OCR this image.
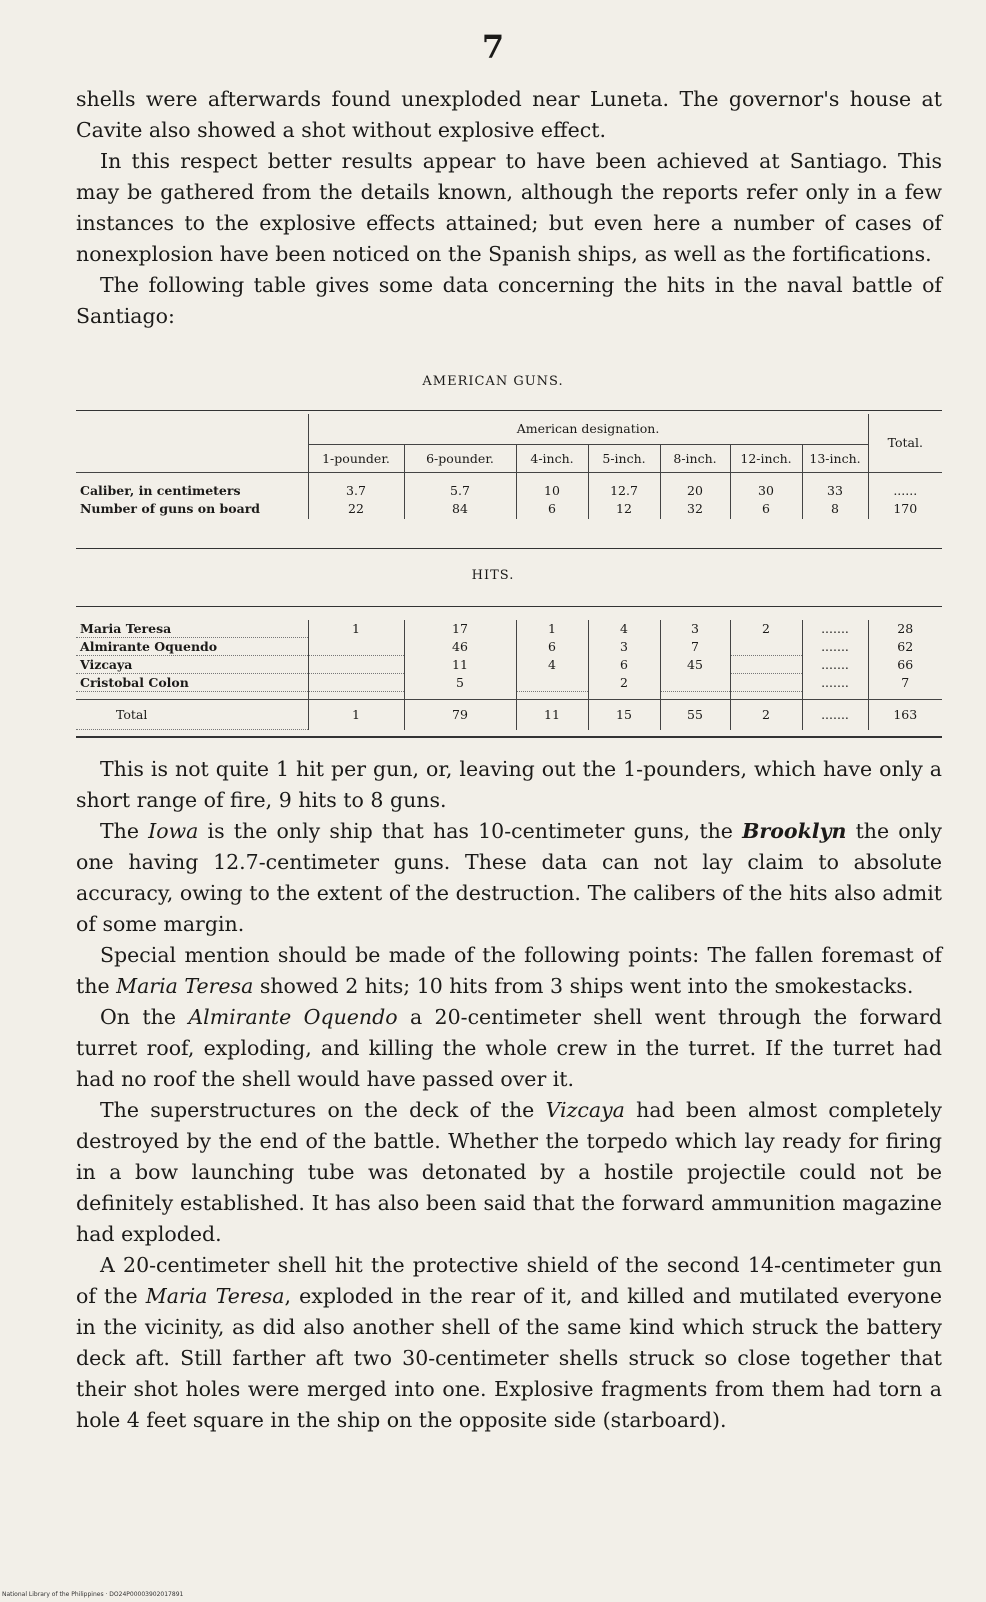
7

shells were afterwards found unexploded near Luneta. The governor's house at Cavite also showed a shot without explosive effect.

In this respect better results appear to have been achieved at Santiago. This may be gathered from the details known, although the reports refer only in a few instances to the explosive effects attained; but even here a number of cases of nonexplosion have been noticed on the Spanish ships, as well as the fortifications.

The following table gives some data concerning the hits in the naval battle of Santiago:

AMERICAN GUNS.
	American designation.							Total.
	1-pounder.	6-pounder.	4-inch.	5-inch.	8-inch.	12-inch.	13-inch.	
Caliber, in centimeters	3.7	5.7	10	12.7	20	30	33	......
Number of guns on board	22	84	6	12	32	6	8	170
HITS.
Maria Teresa	1	17	1	4	3	2	.......	28
Almirante Oquendo		46	6	3	7		.......	62
Vizcaya		11	4	6	45		.......	66
Cristobal Colon		5		2			.......	7

Total	1	79	11	15	55	2	.......	163

This is not quite 1 hit per gun, or, leaving out the 1-pounders, which have only a short range of fire, 9 hits to 8 guns.

The Iowa is the only ship that has 10-centimeter guns, the Brooklyn the only one having 12.7-centimeter guns. These data can not lay claim to absolute accuracy, owing to the extent of the destruction. The calibers of the hits also admit of some margin.

Special mention should be made of the following points: The fallen foremast of the Maria Teresa showed 2 hits; 10 hits from 3 ships went into the smokestacks.

On the Almirante Oquendo a 20-centimeter shell went through the forward turret roof, exploding, and killing the whole crew in the turret. If the turret had had no roof the shell would have passed over it.

The superstructures on the deck of the Vizcaya had been almost completely destroyed by the end of the battle. Whether the torpedo which lay ready for firing in a bow launching tube was detonated by a hostile projectile could not be definitely established. It has also been said that the forward ammunition magazine had exploded.

A 20-centimeter shell hit the protective shield of the second 14-centimeter gun of the Maria Teresa, exploded in the rear of it, and killed and mutilated everyone in the vicinity, as did also another shell of the same kind which struck the battery deck aft. Still farther aft two 30-centimeter shells struck so close together that their shot holes were merged into one. Explosive fragments from them had torn a hole 4 feet square in the ship on the opposite side (starboard).

National Library of the Philippines · DO24P00003902017891
